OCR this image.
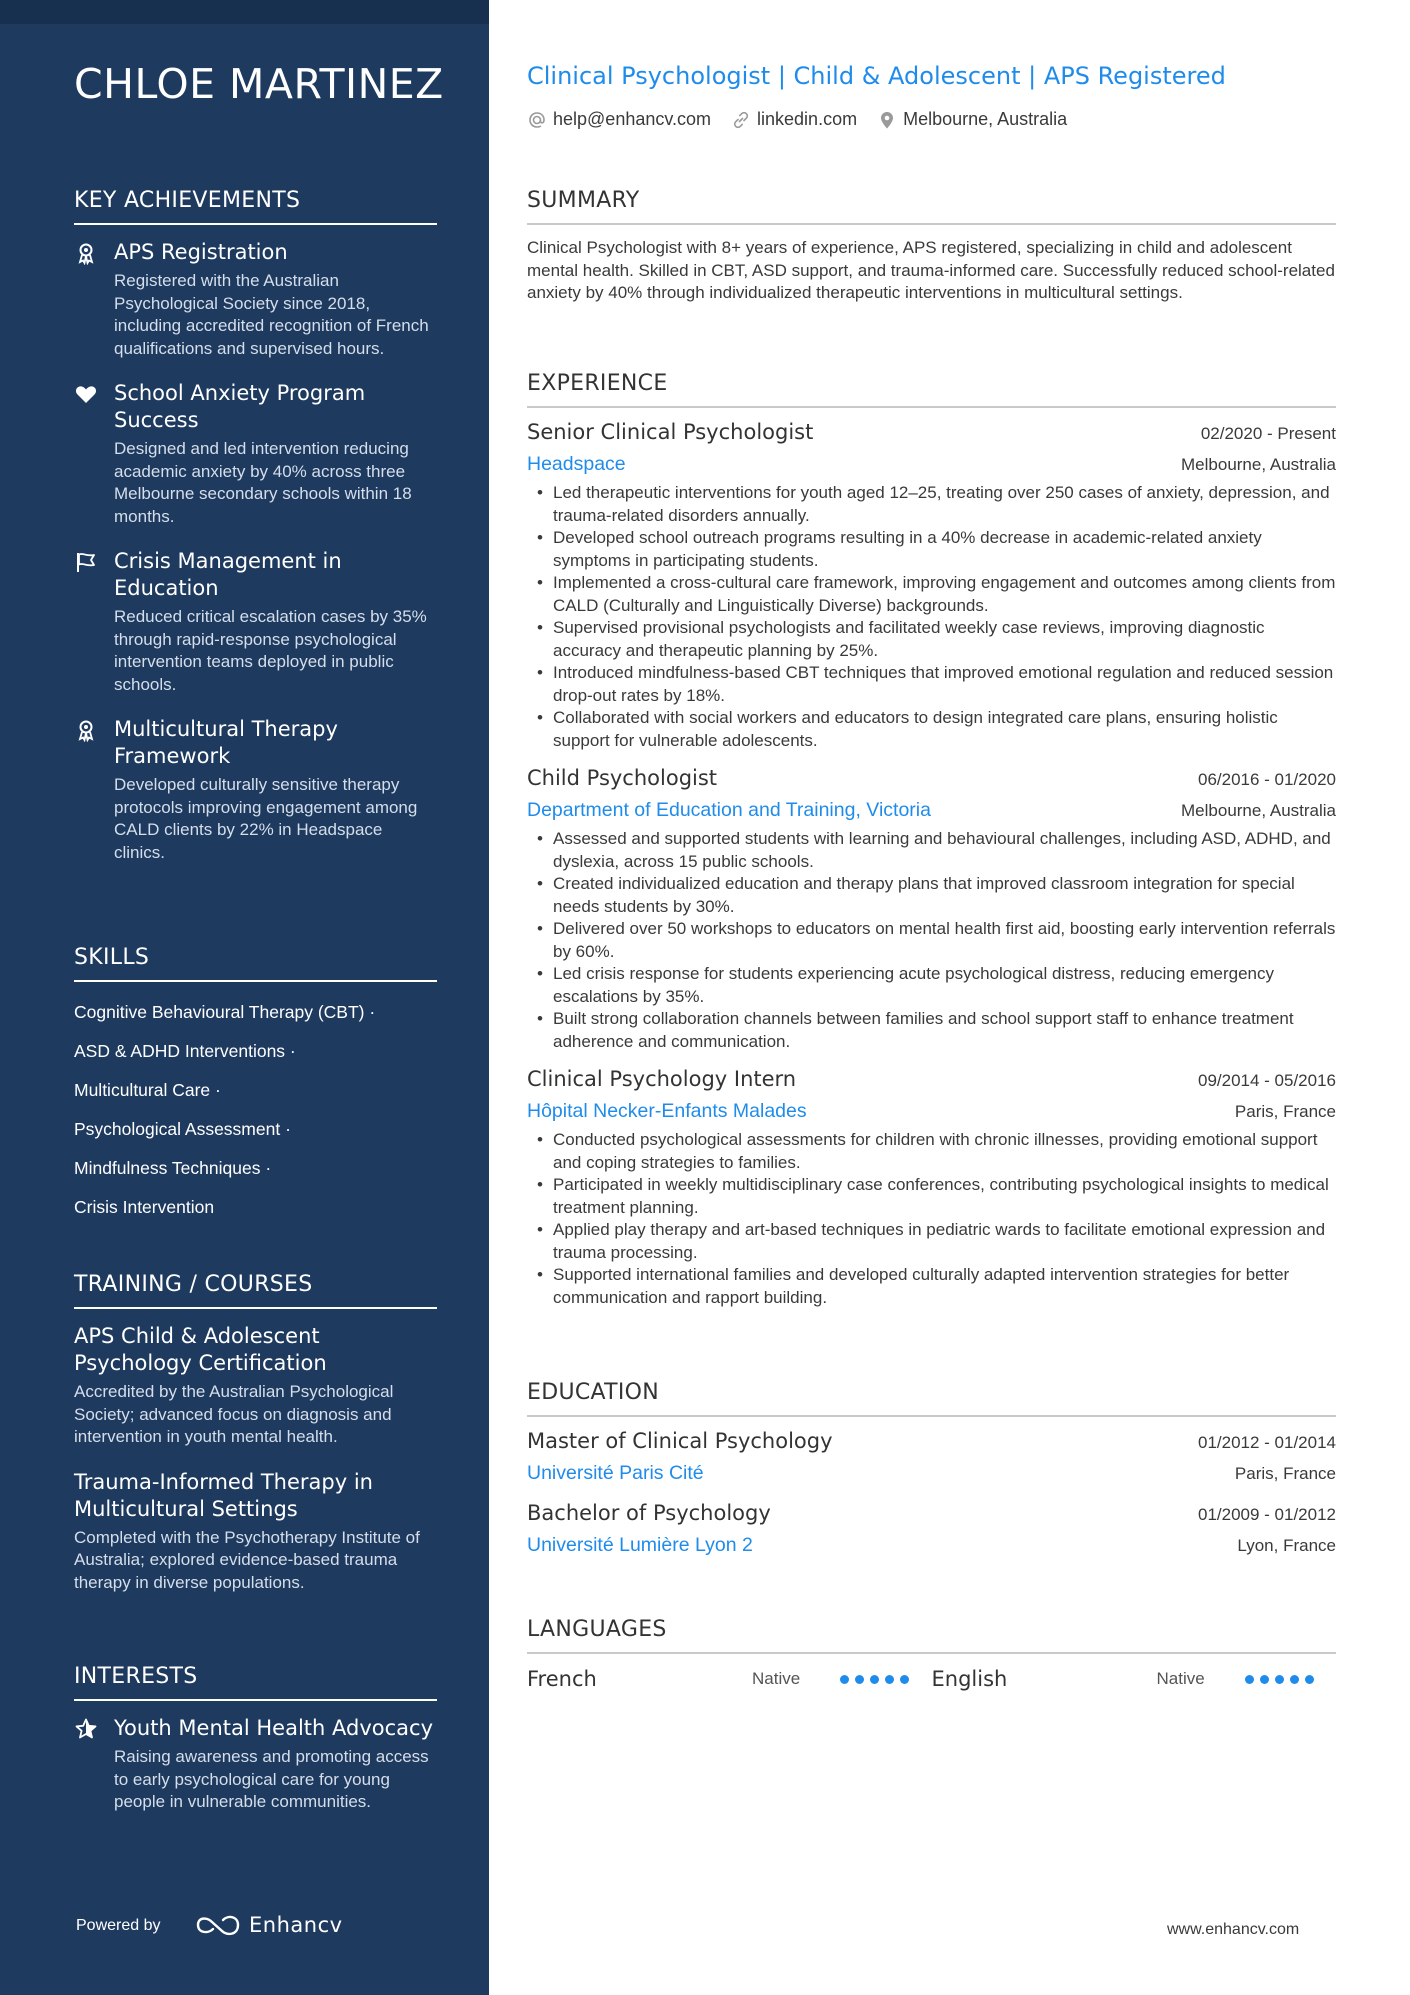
CHLOE MARTINEZ
KEY ACHIEVEMENTS
APS Registration
Registered with the Australian Psychological Society since 2018, including accredited recognition of French qualifications and supervised hours.
School Anxiety Program Success
Designed and led intervention reducing academic anxiety by 40% across three Melbourne secondary schools within 18 months.
Crisis Management in Education
Reduced critical escalation cases by 35% through rapid-response psychological intervention teams deployed in public schools.
Multicultural Therapy Framework
Developed culturally sensitive therapy protocols improving engagement among CALD clients by 22% in Headspace clinics.
SKILLS
Cognitive Behavioural Therapy (CBT) ·
ASD & ADHD Interventions ·
Multicultural Care ·
Psychological Assessment ·
Mindfulness Techniques ·
Crisis Intervention
TRAINING / COURSES
APS Child & Adolescent Psychology Certification
Accredited by the Australian Psychological Society; advanced focus on diagnosis and intervention in youth mental health.
Trauma-Informed Therapy in Multicultural Settings
Completed with the Psychotherapy Institute of Australia; explored evidence-based trauma therapy in diverse populations.
INTERESTS
Youth Mental Health Advocacy
Raising awareness and promoting access to early psychological care for young people in vulnerable communities.
Powered by	Enhancv
Clinical Psychologist | Child & Adolescent | APS Registered
help@enhancv.com	linkedin.com	Melbourne, Australia
SUMMARY
Clinical Psychologist with 8+ years of experience, APS registered, specializing in child and adolescent mental health. Skilled in CBT, ASD support, and trauma-informed care. Successfully reduced school-related anxiety by 40% through individualized therapeutic interventions in multicultural settings.
EXPERIENCE
Senior Clinical Psychologist	02/2020 - Present
Headspace	Melbourne, Australia
• Led therapeutic interventions for youth aged 12–25, treating over 250 cases of anxiety, depression, and trauma-related disorders annually.
• Developed school outreach programs resulting in a 40% decrease in academic-related anxiety symptoms in participating students.
• Implemented a cross-cultural care framework, improving engagement and outcomes among clients from CALD (Culturally and Linguistically Diverse) backgrounds.
• Supervised provisional psychologists and facilitated weekly case reviews, improving diagnostic accuracy and therapeutic planning by 25%.
• Introduced mindfulness-based CBT techniques that improved emotional regulation and reduced session drop-out rates by 18%.
• Collaborated with social workers and educators to design integrated care plans, ensuring holistic support for vulnerable adolescents.
Child Psychologist	06/2016 - 01/2020
Department of Education and Training, Victoria	Melbourne, Australia
• Assessed and supported students with learning and behavioural challenges, including ASD, ADHD, and dyslexia, across 15 public schools.
• Created individualized education and therapy plans that improved classroom integration for special needs students by 30%.
• Delivered over 50 workshops to educators on mental health first aid, boosting early intervention referrals by 60%.
• Led crisis response for students experiencing acute psychological distress, reducing emergency escalations by 35%.
• Built strong collaboration channels between families and school support staff to enhance treatment adherence and communication.
Clinical Psychology Intern	09/2014 - 05/2016
Hôpital Necker-Enfants Malades	Paris, France
• Conducted psychological assessments for children with chronic illnesses, providing emotional support and coping strategies to families.
• Participated in weekly multidisciplinary case conferences, contributing psychological insights to medical treatment planning.
• Applied play therapy and art-based techniques in pediatric wards to facilitate emotional expression and trauma processing.
• Supported international families and developed culturally adapted intervention strategies for better communication and rapport building.
EDUCATION
Master of Clinical Psychology	01/2012 - 01/2014
Université Paris Cité	Paris, France
Bachelor of Psychology	01/2009 - 01/2012
Université Lumière Lyon 2	Lyon, France
LANGUAGES
French	Native	English	Native
www.enhancv.com
